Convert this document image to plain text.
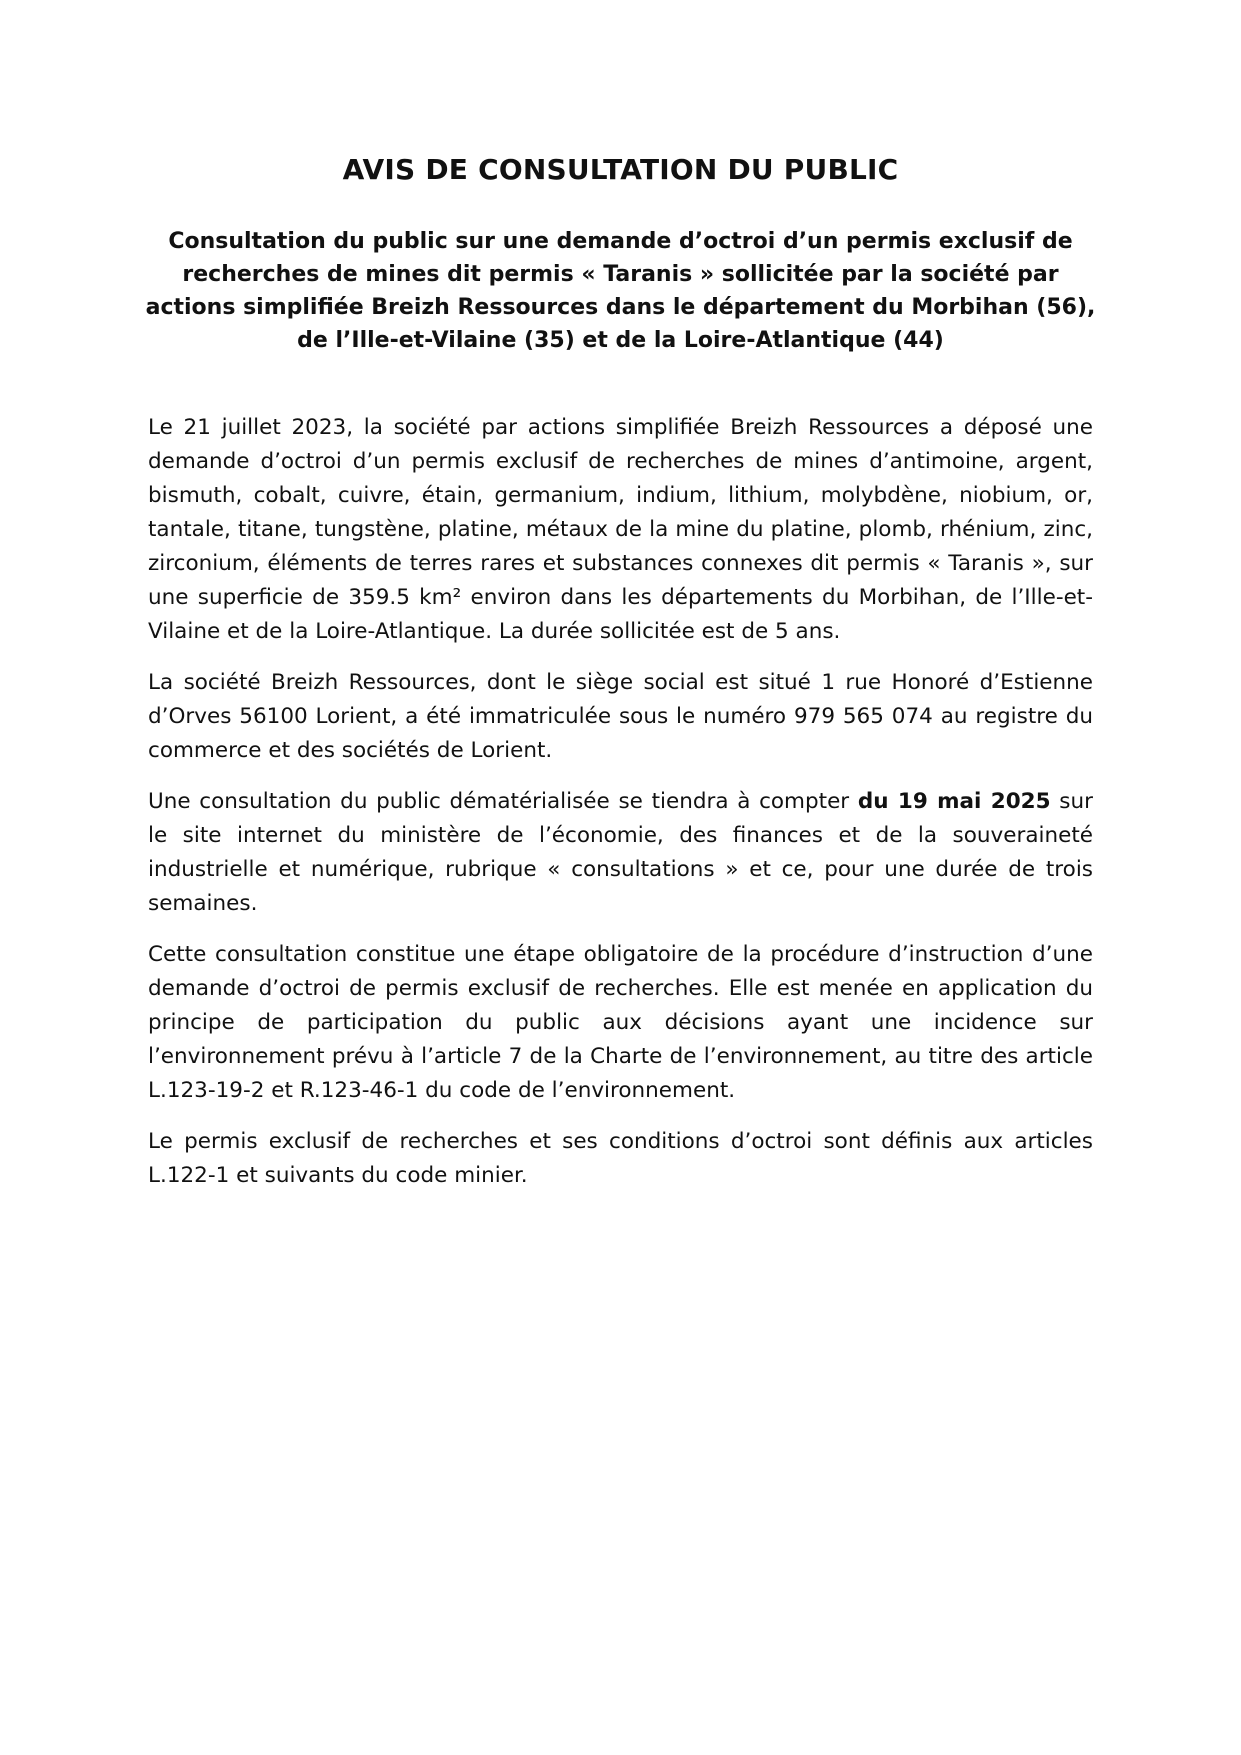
AVIS DE CONSULTATION DU PUBLIC
Consultation du public sur une demande d’octroi d’un permis exclusif de recherches de mines dit permis « Taranis » sollicitée par la société par actions simplifiée Breizh Ressources dans le département du Morbihan (56), de l’Ille-et-Vilaine (35) et de la Loire-Atlantique (44)

Le 21 juillet 2023, la société par actions simplifiée Breizh Ressources a déposé une demande d’octroi d’un permis exclusif de recherches de mines d’antimoine, argent, bismuth, cobalt, cuivre, étain, germanium, indium, lithium, molybdène, niobium, or, tantale, titane, tungstène, platine, métaux de la mine du platine, plomb, rhénium, zinc, zirconium, éléments de terres rares et substances connexes dit permis « Taranis », sur une superficie de 359.5 km² environ dans les départements du Morbihan, de l’Ille-et-Vilaine et de la Loire-Atlantique. La durée sollicitée est de 5 ans.

La société Breizh Ressources, dont le siège social est situé 1 rue Honoré d’Estienne d’Orves 56100 Lorient, a été immatriculée sous le numéro 979 565 074 au registre du commerce et des sociétés de Lorient.

Une consultation du public dématérialisée se tiendra à compter du 19 mai 2025 sur le site internet du ministère de l’économie, des finances et de la souveraineté industrielle et numérique, rubrique « consultations » et ce, pour une durée de trois semaines.

Cette consultation constitue une étape obligatoire de la procédure d’instruction d’une demande d’octroi de permis exclusif de recherches. Elle est menée en application du principe de participation du public aux décisions ayant une incidence sur l’environnement prévu à l’article 7 de la Charte de l’environnement, au titre des article L.123-19-2 et R.123-46-1 du code de l’environnement.

Le permis exclusif de recherches et ses conditions d’octroi sont définis aux articles L.122-1 et suivants du code minier.
